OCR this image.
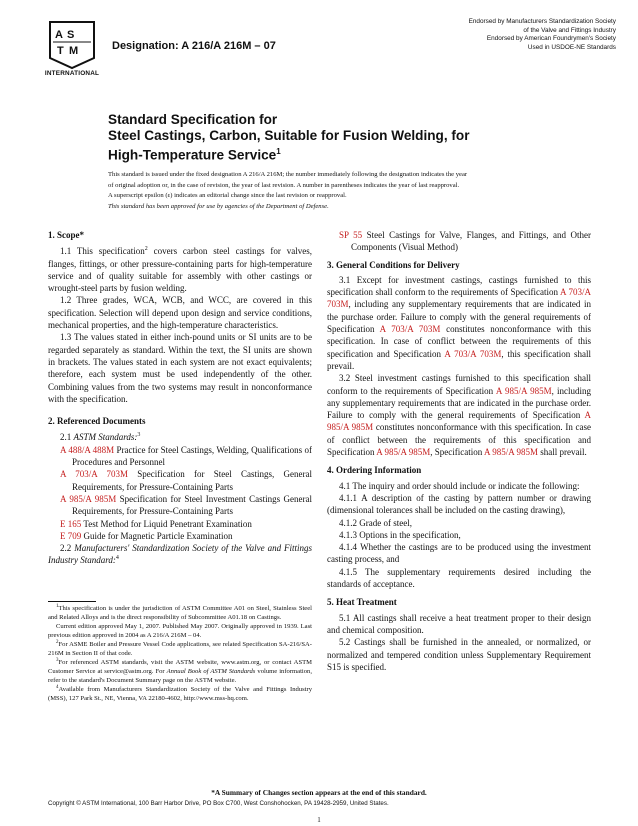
A S
T M
INTERNATIONAL
Designation: A 216/A 216M – 07
Endorsed by Manufacturers Standardization Society
of the Valve and Fittings Industry
Endorsed by American Foundrymen's Society
Used in USDOE-NE Standards
Standard Specification for
Steel Castings, Carbon, Suitable for Fusion Welding, for
High-Temperature Service$^1$

This standard is issued under the fixed designation A 216/A 216M; the number immediately following the designation indicates the year

of original adoption or, in the case of revision, the year of last revision. A number in parentheses indicates the year of last reapproval.

A superscript epsilon (ε) indicates an editorial change since the last revision or reapproval.

This standard has been approved for use by agencies of the Department of Defense.

1. Scope*

1.1 This specification$^2$ covers carbon steel castings for valves, flanges, fittings, or other pressure-containing parts for high-temperature service and of quality suitable for assembly with other castings or wrought-steel parts by fusion welding.

1.2 Three grades, WCA, WCB, and WCC, are covered in this specification. Selection will depend upon design and service conditions, mechanical properties, and the high-temperature characteristics.

1.3 The values stated in either inch-pound units or SI units are to be regarded separately as standard. Within the text, the SI units are shown in brackets. The values stated in each system are not exact equivalents; therefore, each system must be used independently of the other. Combining values from the two systems may result in nonconformance with the specification.

2. Referenced Documents

2.1 ASTM Standards:$^3$

A 488/A 488M Practice for Steel Castings, Welding, Qualifications of Procedures and Personnel

A 703/A 703M Specification for Steel Castings, General Requirements, for Pressure-Containing Parts

A 985/A 985M Specification for Steel Investment Castings General Requirements, for Pressure-Containing Parts

E 165 Test Method for Liquid Penetrant Examination

E 709 Guide for Magnetic Particle Examination

2.2 Manufacturers' Standardization Society of the Valve and Fittings Industry Standard:$^4$

$^1$This specification is under the jurisdiction of ASTM Committee A01 on Steel, Stainless Steel and Related Alloys and is the direct responsibility of Subcommittee A01.18 on Castings.

Current edition approved May 1, 2007. Published May 2007. Originally approved in 1939. Last previous edition approved in 2004 as A 216/A 216M – 04.

$^2$For ASME Boiler and Pressure Vessel Code applications, see related Specification SA-216/SA-216M in Section II of that code.

$^3$For referenced ASTM standards, visit the ASTM website, www.astm.org, or contact ASTM Customer Service at service@astm.org. For Annual Book of ASTM Standards volume information, refer to the standard's Document Summary page on the ASTM website.

$^4$Available from Manufacturers Standardization Society of the Valve and Fittings Industry (MSS), 127 Park St., NE, Vienna, VA 22180-4602, http://www.mss-hq.com.

SP 55 Steel Castings for Valve, Flanges, and Fittings, and Other Components (Visual Method)

3. General Conditions for Delivery

3.1 Except for investment castings, castings furnished to this specification shall conform to the requirements of Specification A 703/A 703M, including any supplementary requirements that are indicated in the purchase order. Failure to comply with the general requirements of Specification A 703/A 703M constitutes nonconformance with this specification. In case of conflict between the requirements of this specification and Specification A 703/A 703M, this specification shall prevail.

3.2 Steel investment castings furnished to this specification shall conform to the requirements of Specification A 985/A 985M, including any supplementary requirements that are indicated in the purchase order. Failure to comply with the general requirements of Specification A 985/A 985M constitutes nonconformance with this specification. In case of conflict between the requirements of this specification and Specification A 985/A 985M, Specification A 985/A 985M shall prevail.

4. Ordering Information

4.1 The inquiry and order should include or indicate the following:

4.1.1 A description of the casting by pattern number or drawing (dimensional tolerances shall be included on the casting drawing),

4.1.2 Grade of steel,

4.1.3 Options in the specification,

4.1.4 Whether the castings are to be produced using the investment casting process, and

4.1.5 The supplementary requirements desired including the standards of acceptance.

5. Heat Treatment

5.1 All castings shall receive a heat treatment proper to their design and chemical composition.

5.2 Castings shall be furnished in the annealed, or normalized, or normalized and tempered condition unless Supplementary Requirement S15 is specified.

*A Summary of Changes section appears at the end of this standard.
Copyright © ASTM International, 100 Barr Harbor Drive, PO Box C700, West Conshohocken, PA 19428-2959, United States.
1
